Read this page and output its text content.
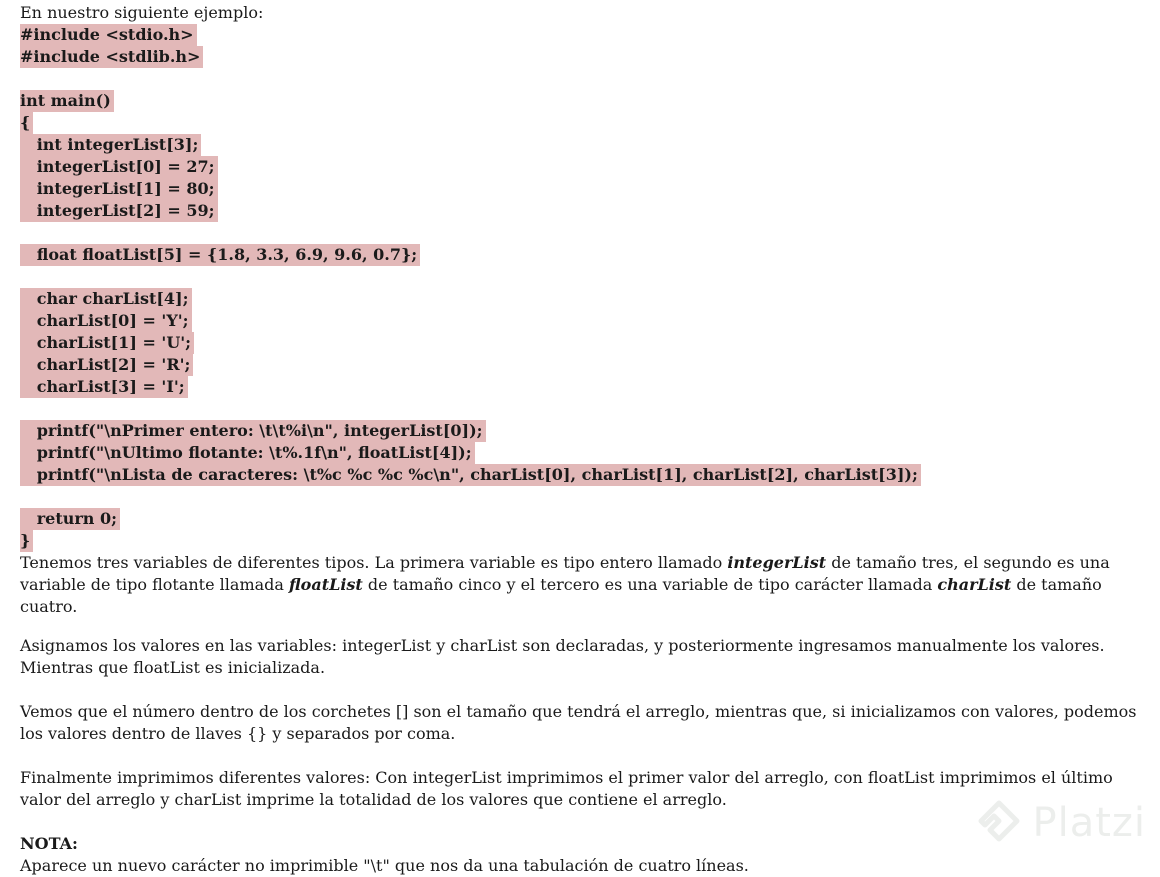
En nuestro siguiente ejemplo:

#include <stdio.h>
#include <stdlib.h>
int main()
{
int integerList[3];
integerList[0] = 27;
integerList[1] = 80;
integerList[2] = 59;
float floatList[5] = {1.8, 3.3, 6.9, 9.6, 0.7};
char charList[4];
charList[0] = 'Y';
charList[1] = 'U';
charList[2] = 'R';
charList[3] = 'I';
printf("\nPrimer entero: \t\t%i\n", integerList[0]);
printf("\nUltimo flotante: \t%.1f\n", floatList[4]);
printf("\nLista de caracteres: \t%c %c %c %c\n", charList[0], charList[1], charList[2], charList[3]);
return 0;
}

Tenemos tres variables de diferentes tipos. La primera variable es tipo entero llamado integerList de tamaño tres, el segundo es una variable de tipo flotante llamada floatList de tamaño cinco y el tercero es una variable de tipo carácter llamada charList de tamaño cuatro.

Asignamos los valores en las variables: integerList y charList son declaradas, y posteriormente ingresamos manualmente los valores. Mientras que floatList es inicializada.

Vemos que el número dentro de los corchetes [] son el tamaño que tendrá el arreglo, mientras que, si inicializamos con valores, podemos los valores dentro de llaves {} y separados por coma.

Finalmente imprimimos diferentes valores: Con integerList imprimimos el primer valor del arreglo, con floatList imprimimos el último valor del arreglo y charList imprime la totalidad de los valores que contiene el arreglo.

NOTA:

Aparece un nuevo carácter no imprimible "\t" que nos da una tabulación de cuatro líneas.

Platzi
